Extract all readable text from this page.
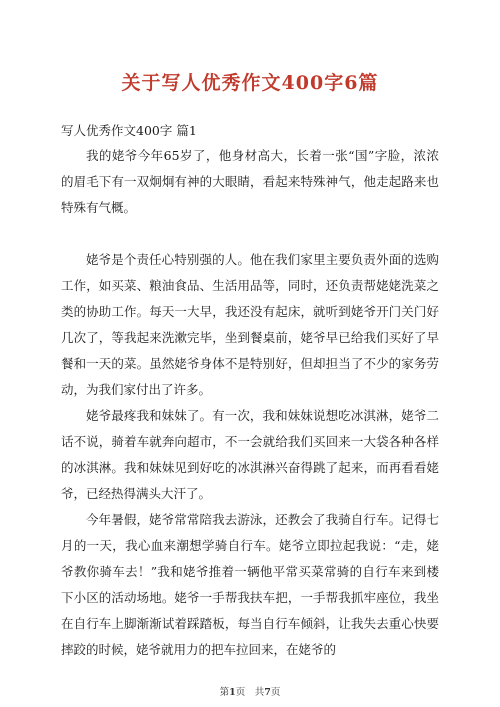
关于写人优秀作文400字6篇
写人优秀作文400字 篇1

我的姥爷今年65岁了，他身材高大，长着一张“国”字脸，浓浓的眉毛下有一双炯炯有神的大眼睛，看起来特殊神气，他走起路来也特殊有气概。

姥爷是个责任心特别强的人。他在我们家里主要负责外面的选购 工作，如买菜、粮油食品、生活用品等，同时，还负责帮姥姥洗菜之类的协助工作。每天一大早，我还没有起床，就听到姥爷开门关门好几次了，等我起来洗漱完毕，坐到餐桌前，姥爷早已给我们买好了早餐和一天的菜。虽然姥爷身体不是特别好，但却担当了不少的家务劳动，为我们家付出了许多。

姥爷最疼我和妹妹了。有一次，我和妹妹说想吃冰淇淋，姥爷二话不说，骑着车就奔向超市，不一会就给我们买回来一大袋各种各样的冰淇淋。我和妹妹见到好吃的冰淇淋兴奋得跳了起来，而再看看姥爷，已经热得满头大汗了。

今年暑假，姥爷常常陪我去游泳，还教会了我骑自行车。记得七月的一天，我心血来潮想学骑自行车。姥爷立即拉起我说：“走，姥爷教你骑车去！”我和姥爷推着一辆他平常买菜常骑的自行车来到楼下小区的活动场地。姥爷一手帮我扶车把，一手帮我抓牢座位，我坐在自行车上脚渐渐试着踩踏板，每当自行车倾斜，让我失去重心快要摔跤的时候，姥爷就用力的把车拉回来，在姥爷的

第1页　共7页
